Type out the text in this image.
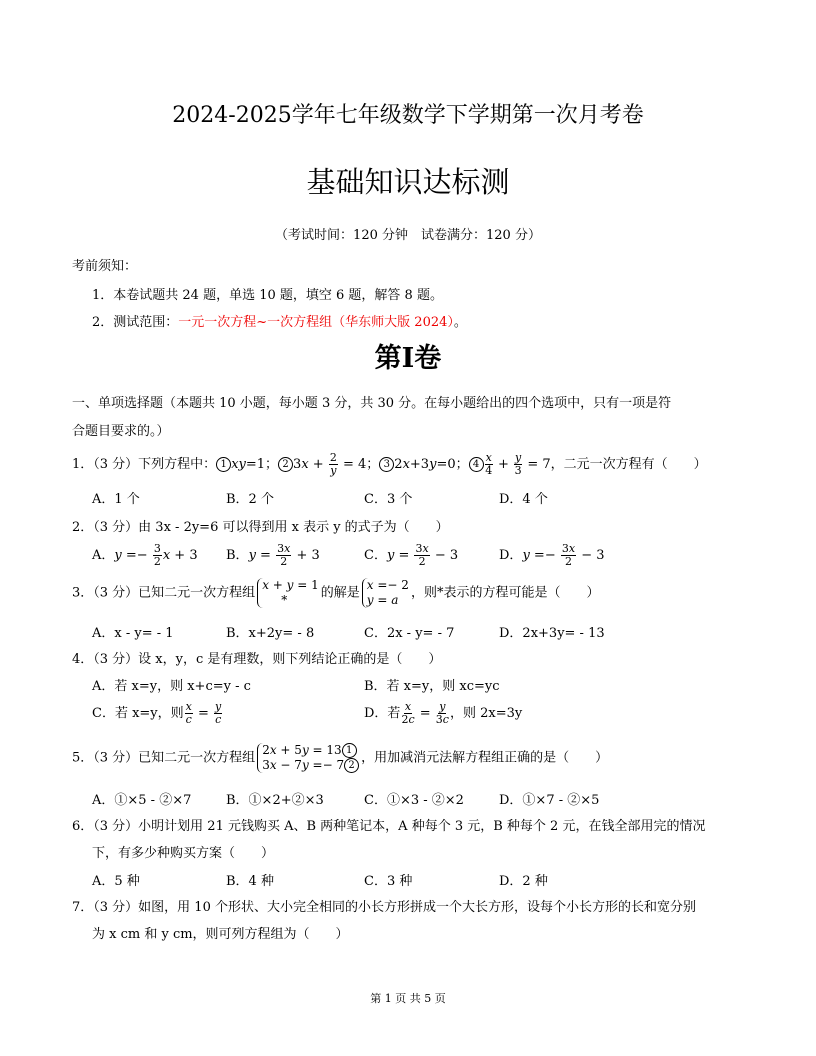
2024-2025学年七年级数学下学期第一次月考卷
基础知识达标测
（考试时间：120 分钟　试卷满分：120 分）
考前须知：
1．本卷试题共 24 题，单选 10 题，填空 6 题，解答 8 题。
2．测试范围：一元一次方程~一次方程组（华东师大版 2024）。
第I卷
一、单项选择题（本题共 10 小题，每小题 3 分，共 30 分。在每小题给出的四个选项中，只有一项是符
合题目要求的。）
1．（3 分）下列方程中： 1 xy=1； 2 $3x + \frac{2}{y} = 4$； 3 2x+3y=0； $4 \frac{x}{4} + \frac{y}{3} = 7$，二元一次方程有（　　）
A．1 个	B．2 个	C．3 个	D．4 个
2．（3 分）由 3x - 2y=6 可以得到用 x 表示 y 的式子为（　　）
A．$y =- \frac{3}{2}$ x + 3 B．$y = \frac{3x}{2} + 3$	C．$y = \frac{3x}{2} - 3$	D．$y =- \frac{3x}{2} - 3$
3．（3 分）已知二元一次方程组x + y = 1
*	的解是x =− 2
y = a ，则*表示的方程可能是（　　）
A．x - y= - 1	B．x+2y= - 8	C．2x - y= - 7	D．2x+3y= - 13
4．（3 分）设 x，y，c 是有理数，则下列结论正确的是（　　）
A．若 x=y，则 x+c=y - c	B．若 x=y，则 xc=yc
C．若 x=y，则 $\frac{x}{c} = \frac{y}{c}$	D．若 $\frac{x}{2c} = \frac{y}{3c}$ ，则 2x=3y
5．（3 分）已知二元一次方程组2x + 5y = 13 1
3x − 7y =− 7 2 ，用加减消元法解方程组正确的是（　　）
A．①×5 - ②×7	B．①×2+②×3	C．①×3 - ②×2	D．①×7 - ②×5
6．（3 分）小明计划用 21 元钱购买 A、B 两种笔记本，A 种每个 3 元，B 种每个 2 元，在钱全部用完的情况
下，有多少种购买方案（　　）
A．5 种	B．4 种	C．3 种	D．2 种
7．（3 分）如图，用 10 个形状、大小完全相同的小长方形拼成一个大长方形，设每个小长方形的长和宽分别
为 x cm 和 y cm，则可列方程组为（　　）
第 1 页 共 5 页
